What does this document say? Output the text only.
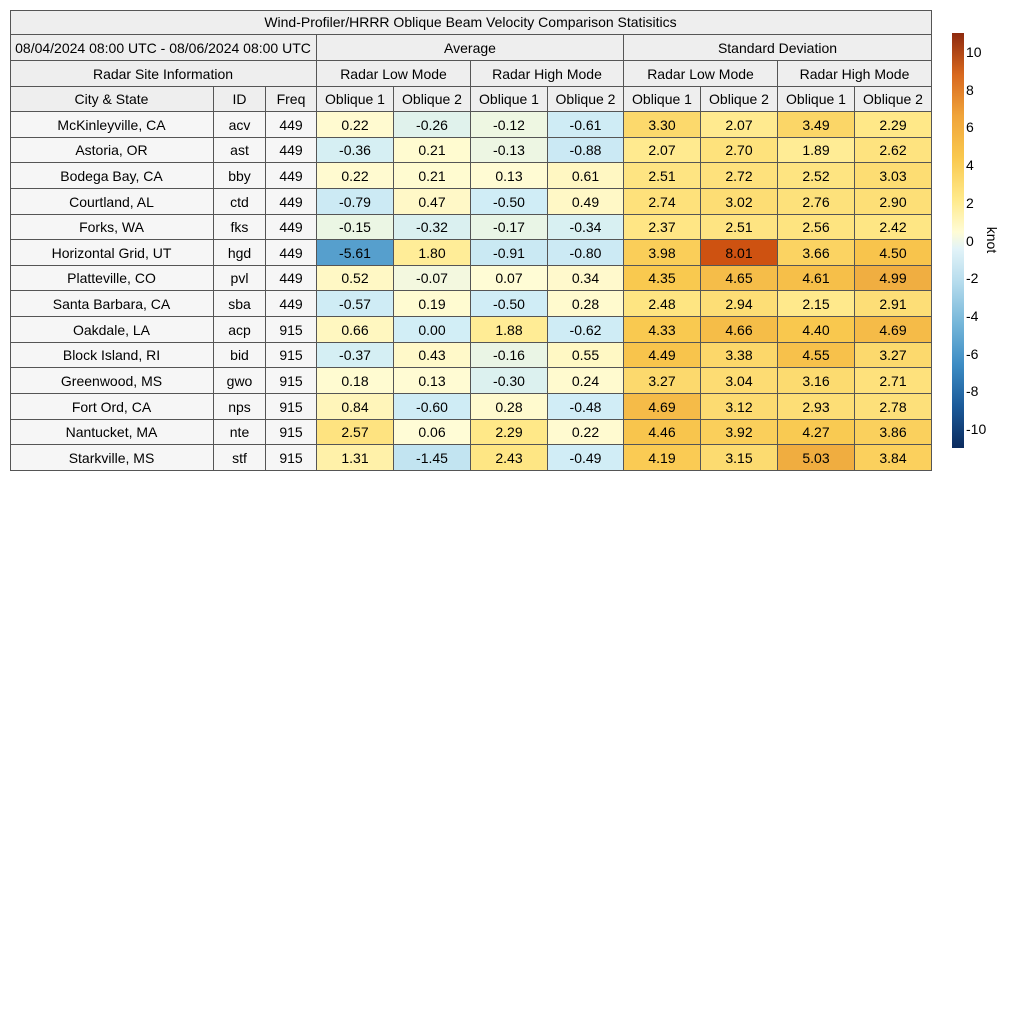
Wind-Profiler/HRRR Oblique Beam Velocity Comparison Statisitics
08/04/2024 08:00 UTC - 08/06/2024 08:00 UTC	Average	Standard Deviation
Radar Site Information	Radar Low Mode	Radar High Mode	Radar Low Mode	Radar High Mode
City & State	ID	Freq	Oblique 1	Oblique 2	Oblique 1	Oblique 2	Oblique 1	Oblique 2	Oblique 1	Oblique 2
McKinleyville, CA	acv	449	0.22	-0.26	-0.12	-0.61	3.30	2.07	3.49	2.29
Astoria, OR	ast	449	-0.36	0.21	-0.13	-0.88	2.07	2.70	1.89	2.62
Bodega Bay, CA	bby	449	0.22	0.21	0.13	0.61	2.51	2.72	2.52	3.03
Courtland, AL	ctd	449	-0.79	0.47	-0.50	0.49	2.74	3.02	2.76	2.90
Forks, WA	fks	449	-0.15	-0.32	-0.17	-0.34	2.37	2.51	2.56	2.42
Horizontal Grid, UT	hgd	449	-5.61	1.80	-0.91	-0.80	3.98	8.01	3.66	4.50
Platteville, CO	pvl	449	0.52	-0.07	0.07	0.34	4.35	4.65	4.61	4.99
Santa Barbara, CA	sba	449	-0.57	0.19	-0.50	0.28	2.48	2.94	2.15	2.91
Oakdale, LA	acp	915	0.66	0.00	1.88	-0.62	4.33	4.66	4.40	4.69
Block Island, RI	bid	915	-0.37	0.43	-0.16	0.55	4.49	3.38	4.55	3.27
Greenwood, MS	gwo	915	0.18	0.13	-0.30	0.24	3.27	3.04	3.16	2.71
Fort Ord, CA	nps	915	0.84	-0.60	0.28	-0.48	4.69	3.12	2.93	2.78
Nantucket, MA	nte	915	2.57	0.06	2.29	0.22	4.46	3.92	4.27	3.86
Starkville, MS	stf	915	1.31	-1.45	2.43	-0.49	4.19	3.15	5.03	3.84
knot
10
8
6
4
2
0
-2
-4
-6
-8
-10
